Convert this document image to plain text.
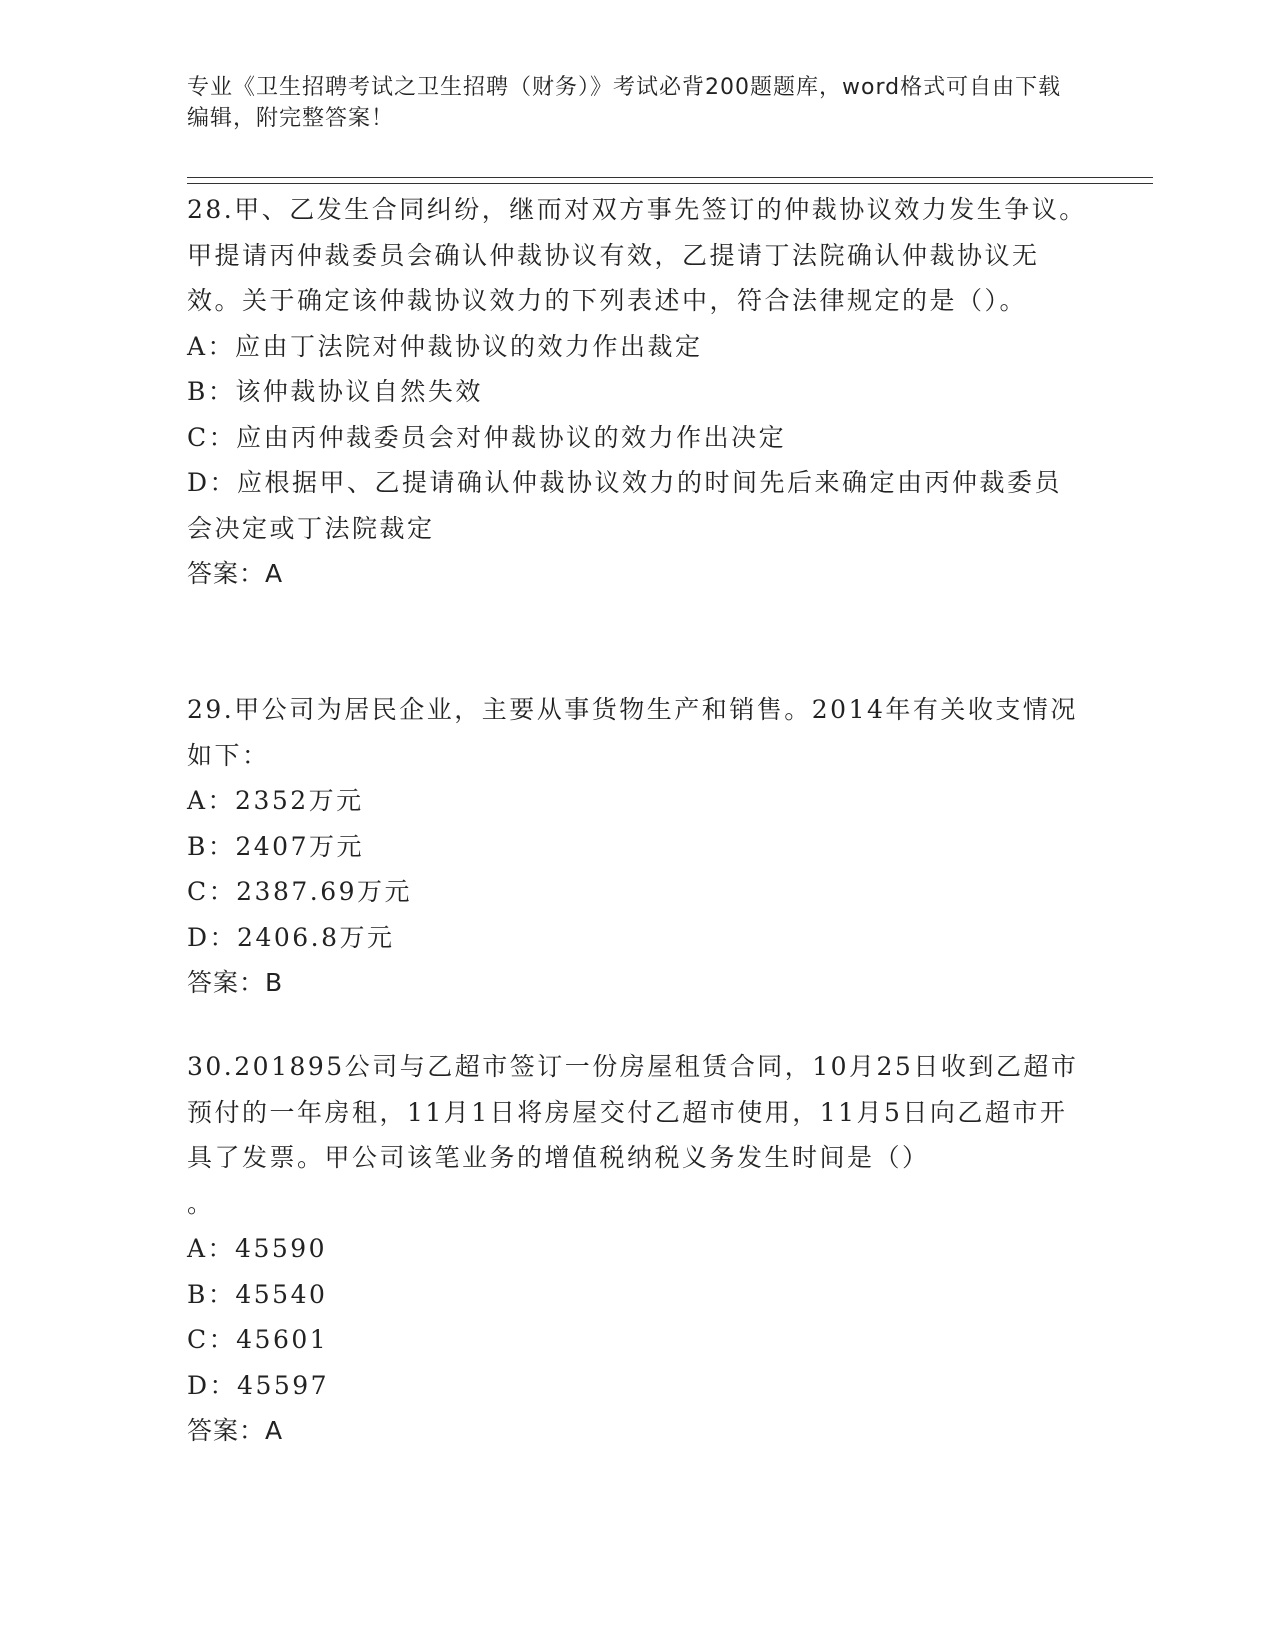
专业《卫生招聘考试之卫生招聘（财务）》考试必背200题题库，word格式可自由下载编辑，附完整答案！

28.甲、乙发生合同纠纷，继而对双方事先签订的仲裁协议效力发生争议。甲提请丙仲裁委员会确认仲裁协议有效，乙提请丁法院确认仲裁协议无效。关于确定该仲裁协议效力的下列表述中，符合法律规定的是（）。

A：应由丁法院对仲裁协议的效力作出裁定

B：该仲裁协议自然失效

C：应由丙仲裁委员会对仲裁协议的效力作出决定

D：应根据甲、乙提请确认仲裁协议效力的时间先后来确定由丙仲裁委员会决定或丁法院裁定

答案：A

29.甲公司为居民企业，主要从事货物生产和销售。2014年有关收支情况如下：

A：2352万元

B：2407万元

C：2387.69万元

D：2406.8万元

答案：B

30.201895公司与乙超市签订一份房屋租赁合同，10月25日收到乙超市预付的一年房租，11月1日将房屋交付乙超市使用，11月5日向乙超市开具了发票。甲公司该笔业务的增值税纳税义务发生时间是（）

。

A：45590

B：45540

C：45601

D：45597

答案：A
